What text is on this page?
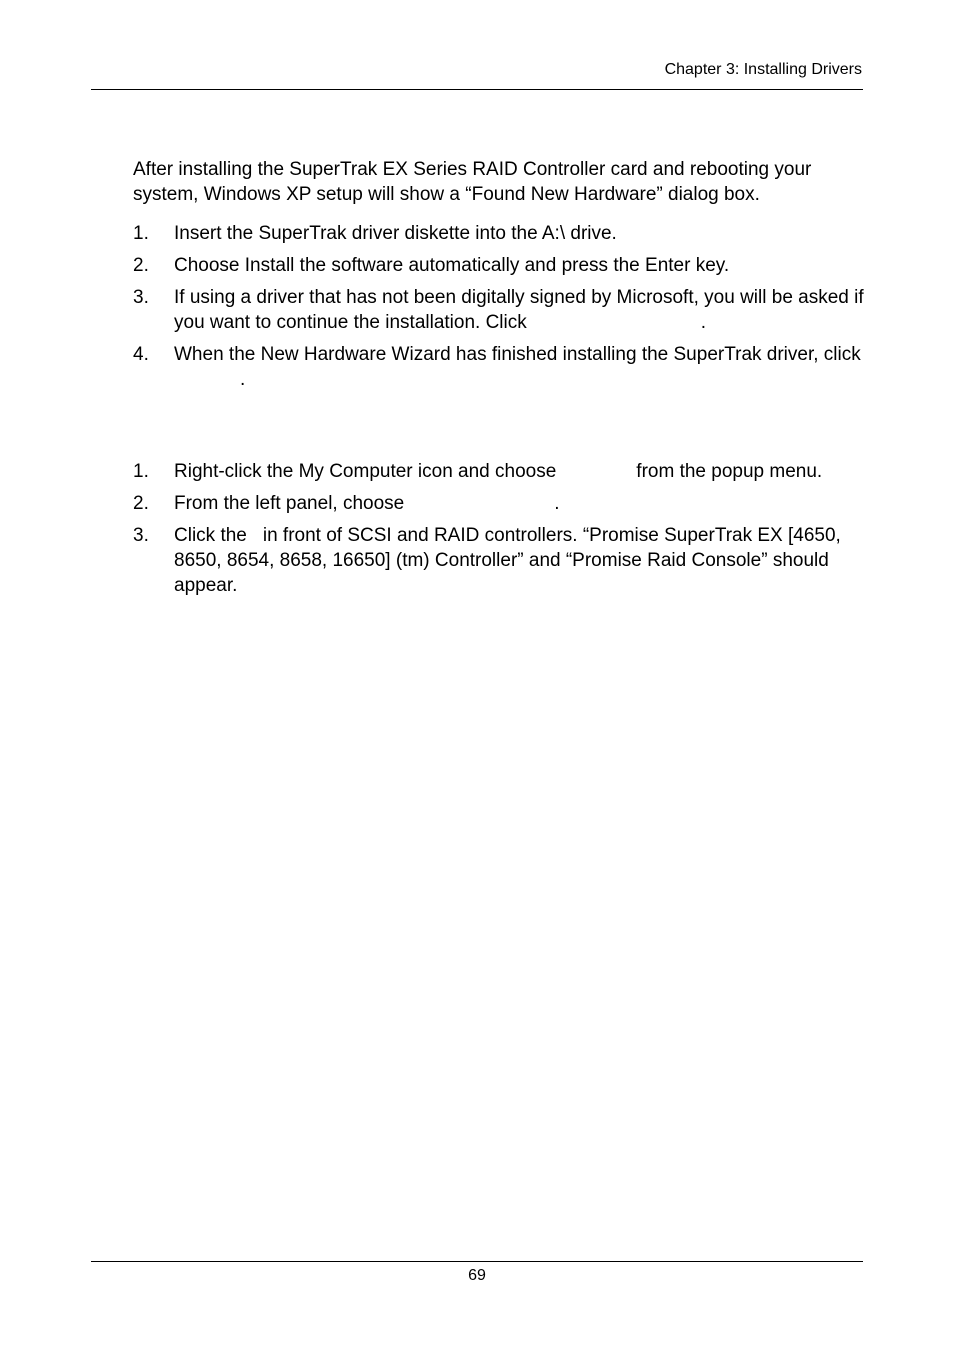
Chapter 3: Installing Drivers

After installing the SuperTrak EX Series RAID Controller card and rebooting your system, Windows XP setup will show a “Found New Hardware” dialog box.

1. Insert the SuperTrak driver diskette into the A:\ drive.
2. Choose Install the software automatically and press the Enter key.
3. If using a driver that has not been digitally signed by Microsoft, you will be asked if you want to continue the installation. Click	.
4. When the New Hardware Wizard has finished installing the SuperTrak driver, click .
1. Right-click the My Computer icon and choose	from the popup menu.
2. From the left panel, choose	.
3. Click the in front of SCSI and RAID controllers. “Promise SuperTrak EX [4650, 8650, 8654, 8658, 16650] (tm) Controller” and “Promise Raid Console” should appear.
69
